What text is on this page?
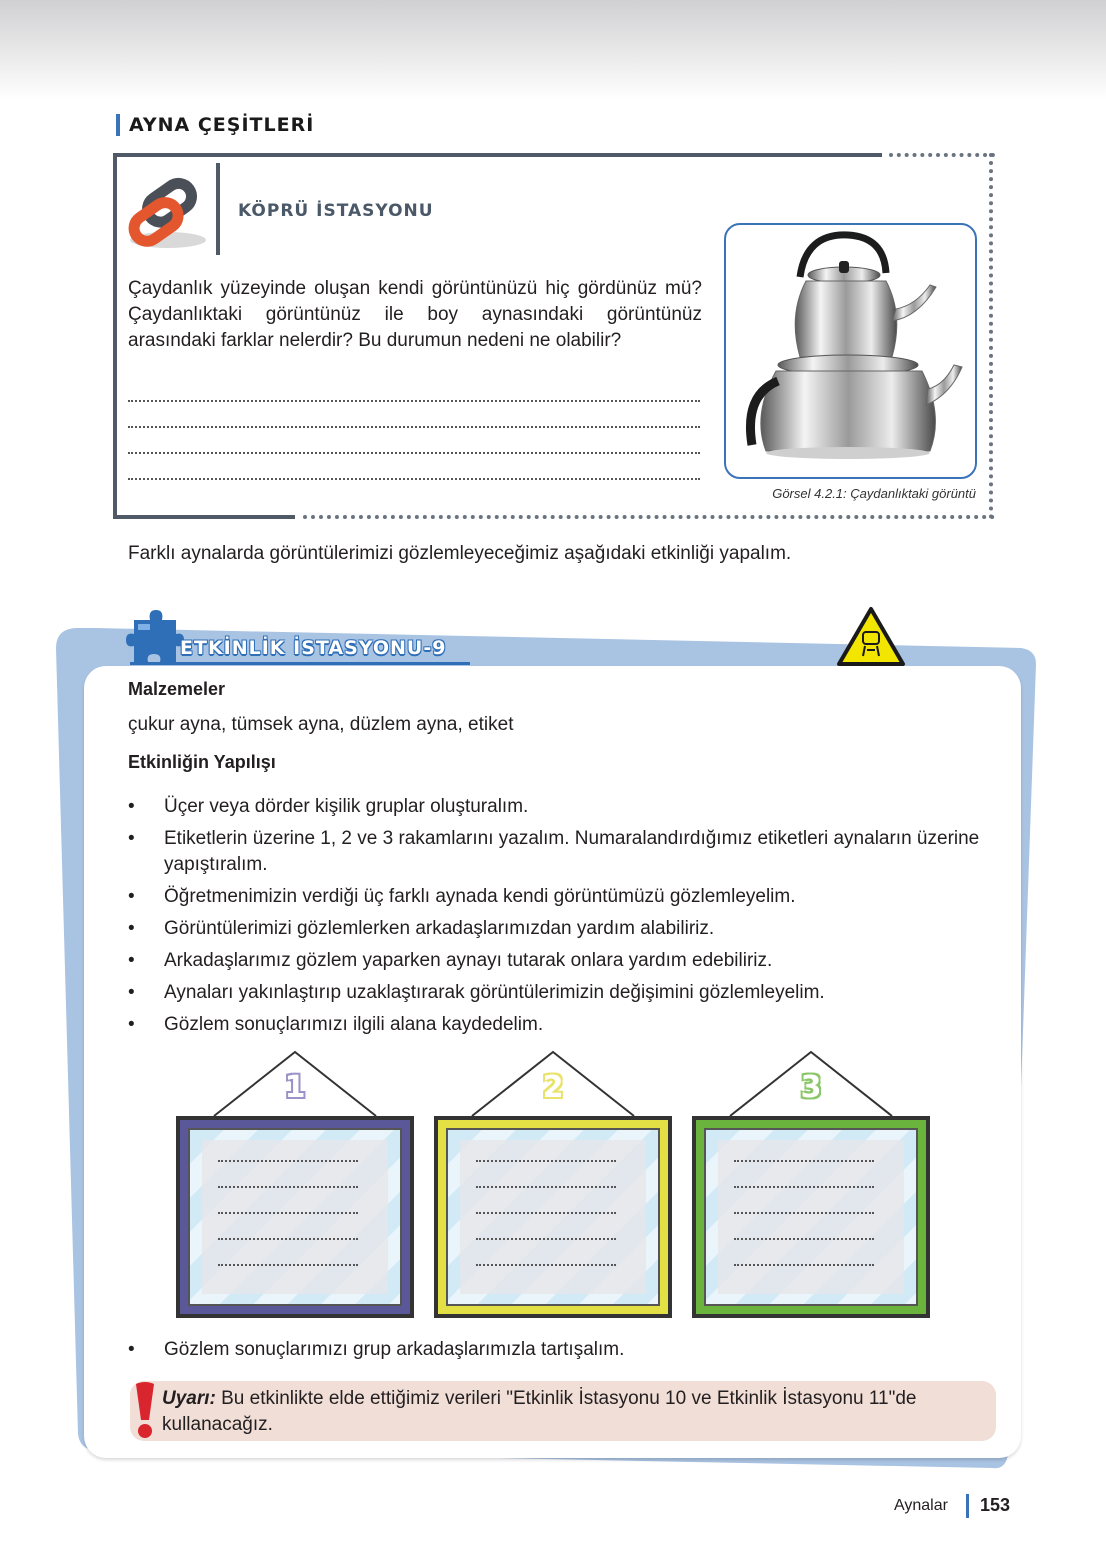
AYNA ÇEŞİTLERİ
KÖPRÜ İSTASYONU
Çaydanlık yüzeyinde oluşan kendi görüntünüzü hiç gördünüz mü? Çaydanlıktaki görüntünüz ile boy aynasındaki görüntünüz arasındaki farklar nelerdir? Bu durumun nedeni ne olabilir?
Görsel 4.2.1: Çaydanlıktaki görüntü
Farklı aynalarda görüntülerimizi gözlemleyeceğimiz aşağıdaki etkinliği yapalım.
ETKİNLİK İSTASYONU-9
Malzemeler
çukur ayna, tümsek ayna, düzlem ayna, etiket
Etkinliğin Yapılışı
• Üçer veya dörder kişilik gruplar oluşturalım.
• Etiketlerin üzerine 1, 2 ve 3 rakamlarını yazalım. Numaralandırdığımız etiketleri aynaların üzerine yapıştıralım.
• Öğretmenimizin verdiği üç farklı aynada kendi görüntümüzü gözlemleyelim.
• Görüntülerimizi gözlemlerken arkadaşlarımızdan yardım alabiliriz.
• Arkadaşlarımız gözlem yaparken aynayı tutarak onlara yardım edebiliriz.
• Aynaları yakınlaştırıp uzaklaştırarak görüntülerimizin değişimini gözlemleyelim.
• Gözlem sonuçlarımızı ilgili alana kaydedelim.
1	2	3
• Gözlem sonuçlarımızı grup arkadaşlarımızla tartışalım.
Uyarı: Bu etkinlikte elde ettiğimiz verileri "Etkinlik İstasyonu 10 ve Etkinlik İstasyonu 11"de kullanacağız.
Aynalar 153
